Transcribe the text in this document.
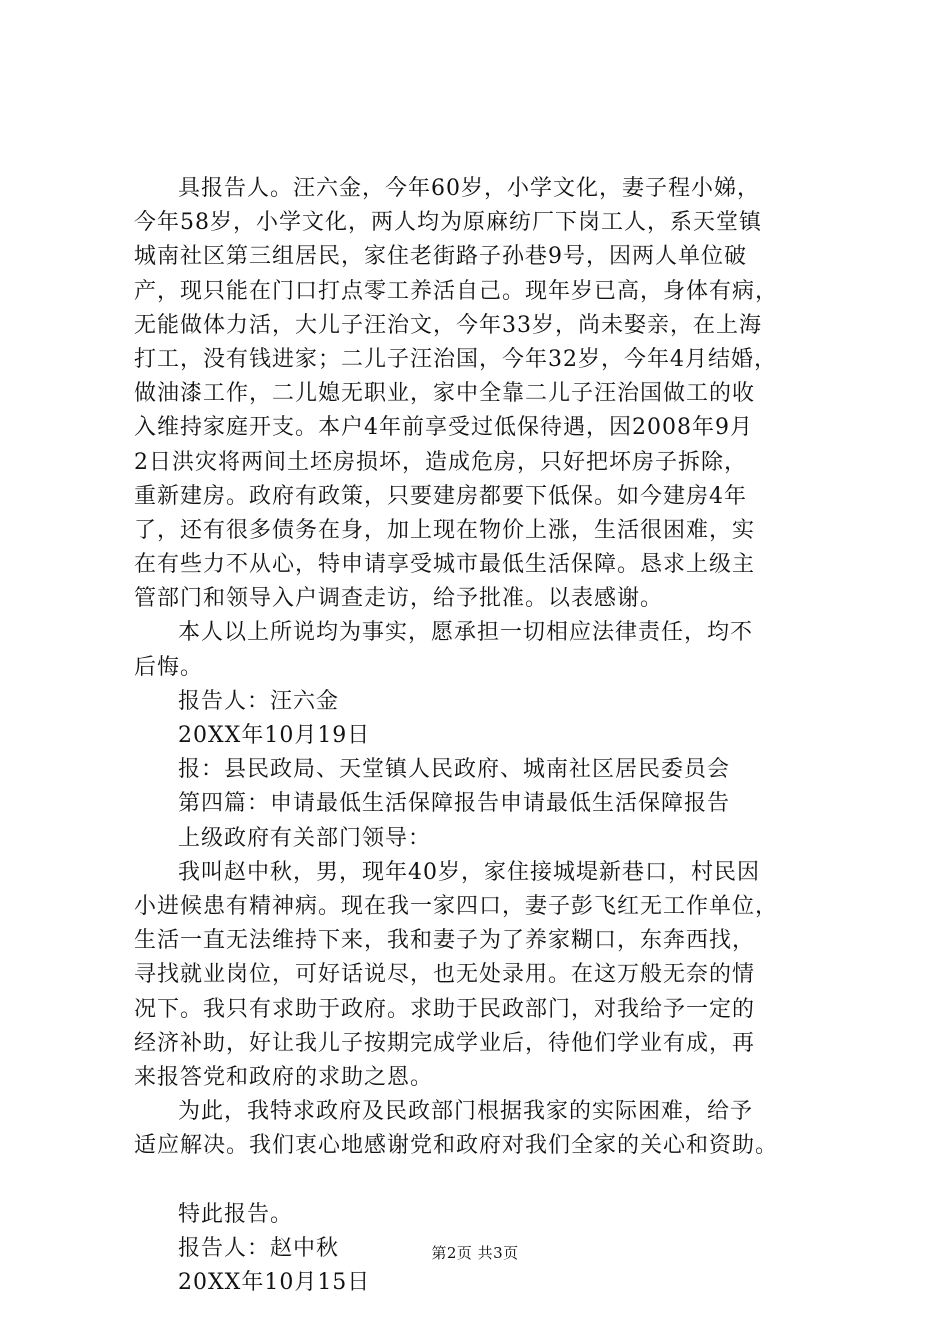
具报告人。汪六金，今年60岁，小学文化，妻子程小娣，
今年58岁，小学文化，两人均为原麻纺厂下岗工人，系天堂镇
城南社区第三组居民，家住老街路子孙巷9号，因两人单位破
产，现只能在门口打点零工养活自己。现年岁已高，身体有病，
无能做体力活，大儿子汪治文，今年33岁，尚未娶亲，在上海
打工，没有钱进家；二儿子汪治国，今年32岁，今年4月结婚，
做油漆工作，二儿媳无职业，家中全靠二儿子汪治国做工的收
入维持家庭开支。本户4年前享受过低保待遇，因2008年9月
2日洪灾将两间土坯房损坏，造成危房，只好把坏房子拆除，
重新建房。政府有政策，只要建房都要下低保。如今建房4年
了，还有很多债务在身，加上现在物价上涨，生活很困难，实
在有些力不从心，特申请享受城市最低生活保障。恳求上级主
管部门和领导入户调查走访，给予批准。以表感谢。
本人以上所说均为事实，愿承担一切相应法律责任，均不
后悔。
报告人：汪六金
20XX年10月19日
报：县民政局、天堂镇人民政府、城南社区居民委员会
第四篇：申请最低生活保障报告申请最低生活保障报告
上级政府有关部门领导：
我叫赵中秋，男，现年40岁，家住接城堤新巷口，村民因
小进候患有精神病。现在我一家四口，妻子彭飞红无工作单位，
生活一直无法维持下来，我和妻子为了养家糊口，东奔西找，
寻找就业岗位，可好话说尽，也无处录用。在这万般无奈的情
况下。我只有求助于政府。求助于民政部门，对我给予一定的
经济补助，好让我儿子按期完成学业后，待他们学业有成，再
来报答党和政府的求助之恩。
为此，我特求政府及民政部门根据我家的实际困难，给予
适应解决。我们衷心地感谢党和政府对我们全家的关心和资助。
特此报告。
报告人：赵中秋
20XX年10月15日
第2页 共3页
